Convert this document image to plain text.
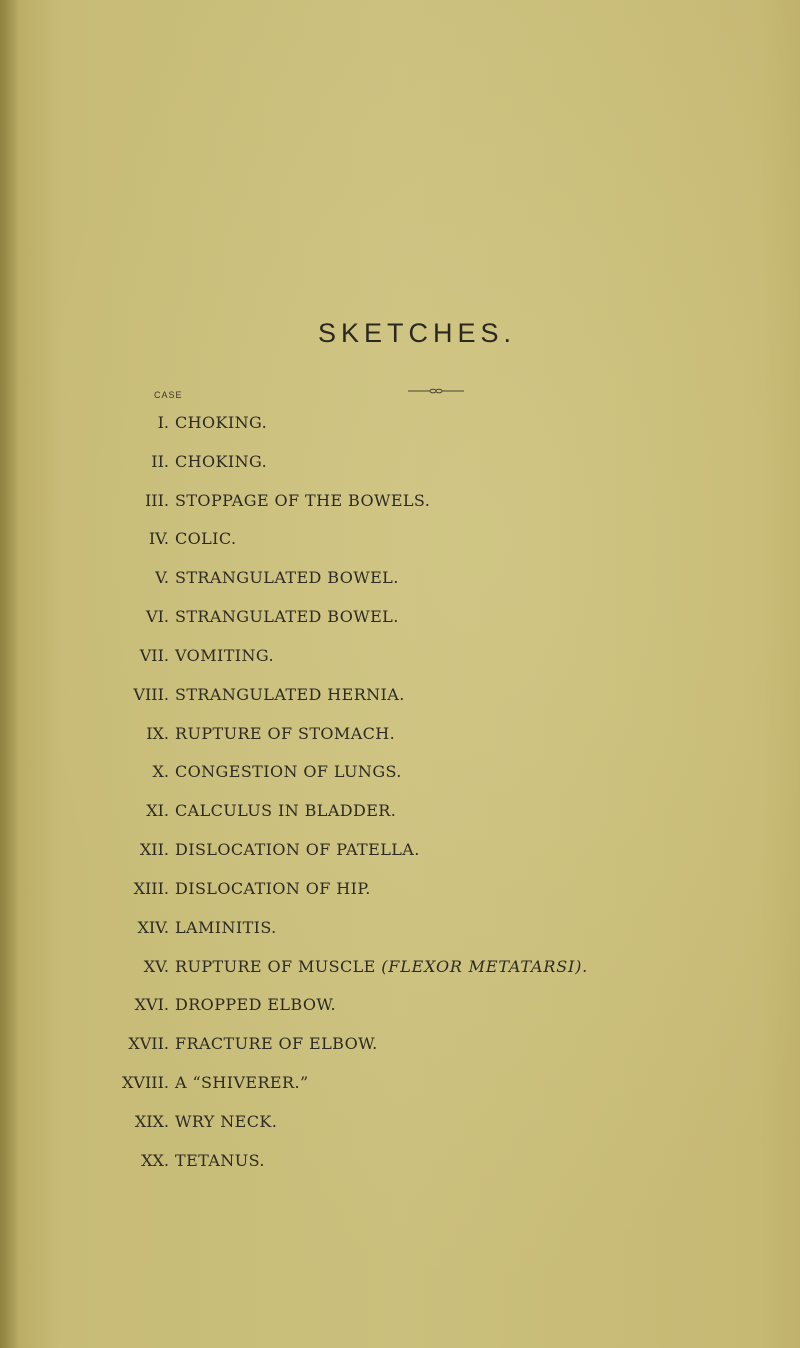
SKETCHES.
CASE
I. CHOKING.
II. CHOKING.
III. STOPPAGE OF THE BOWELS.
IV. COLIC.
V. STRANGULATED BOWEL.
VI. STRANGULATED BOWEL.
VII. VOMITING.
VIII. STRANGULATED HERNIA.
IX. RUPTURE OF STOMACH.
X. CONGESTION OF LUNGS.
XI. CALCULUS IN BLADDER.
XII. DISLOCATION OF PATELLA.
XIII. DISLOCATION OF HIP.
XIV. LAMINITIS.
XV. RUPTURE OF MUSCLE (FLEXOR METATARSI).
XVI. DROPPED ELBOW.
XVII. FRACTURE OF ELBOW.
XVIII. A “SHIVERER.”
XIX. WRY NECK.
XX. TETANUS.
